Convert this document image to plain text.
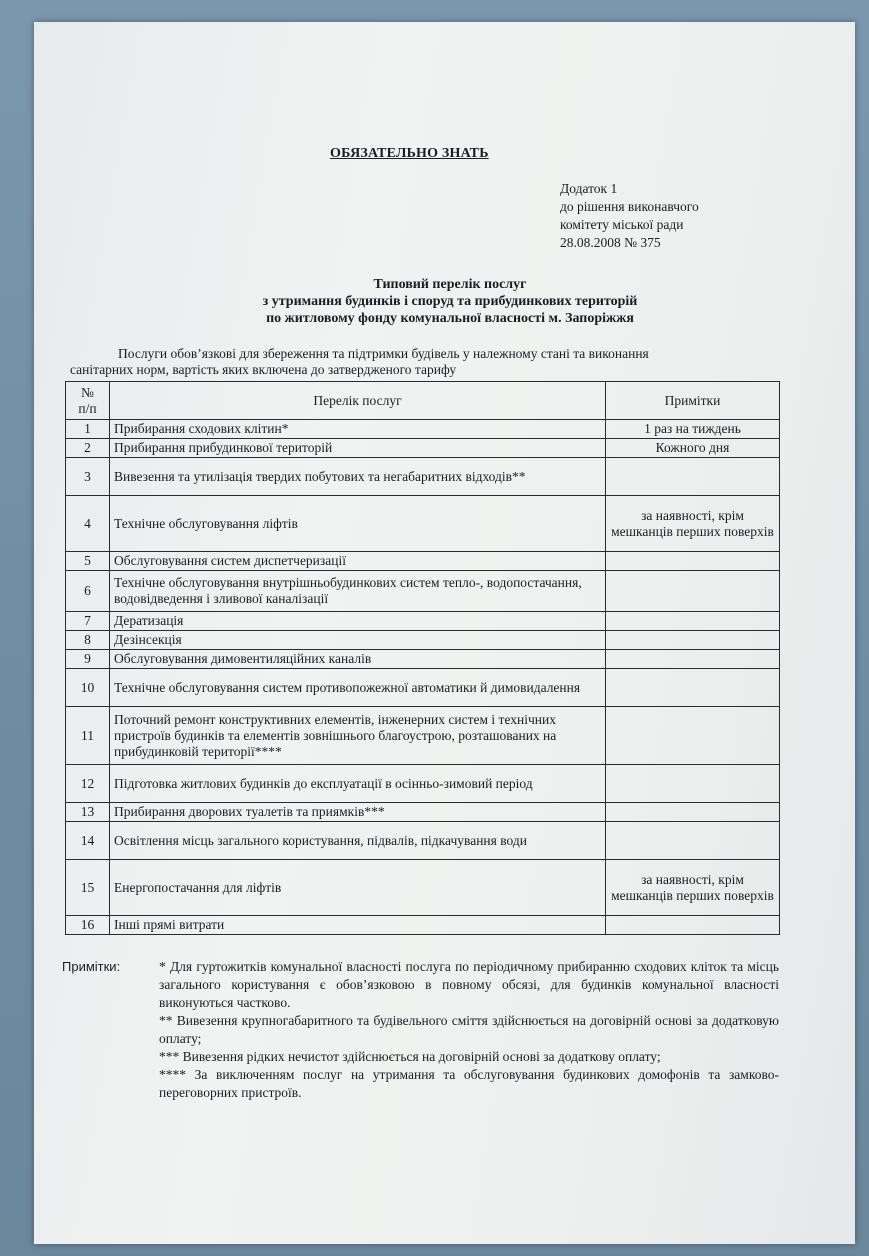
ОБЯЗАТЕЛЬНО ЗНАТЬ
Додаток 1
до рішення виконавчого
комітету міської ради
28.08.2008 № 375
Типовий перелік послуг
з утримання будинків і споруд та прибудинкових територій
по житловому фонду комунальної власності м. Запоріжжя
Послуги обов’язкові для збереження та підтримки будівель у належному стані та виконання
санітарних норм, вартість яких включена до затвердженого тарифу
№
п/п	Перелік послуг	Примітки
1	Прибирання сходових клітин*	1 раз на тиждень
2	Прибирання прибудинкової територій	Кожного дня
3	Вивезення та утилізація твердих побутових та негабаритних відходів**	
4	Технічне обслуговування ліфтів	за наявності, крім мешканців перших поверхів
5	Обслуговування систем диспетчеризації	
6	Технічне обслуговування внутрішньобудинкових систем тепло-, водопостачання, водовідведення і зливової каналізації	
7	Дератизація	
8	Дезінсекція	
9	Обслуговування димовентиляційних каналів	
10	Технічне обслуговування систем противопожежної автоматики й димовидалення	
11	Поточний ремонт конструктивних елементів, інженерних систем і технічних пристроїв будинків та елементів зовнішнього благоустрою, розташованих на прибудинковій території****	
12	Підготовка житлових будинків до експлуатації в осінньо-зимовий період	
13	Прибирання дворових туалетів та приямків***	
14	Освітлення місць загального користування, підвалів, підкачування води	
15	Енергопостачання для ліфтів	за наявності, крім мешканців перших поверхів
16	Інші прямі витрати	
Примітки:	* Для гуртожитків комунальної власності послуга по періодичному прибиранню сходових кліток та місць загального користування є обов’язковою в повному обсязі, для будинків комунальної власності виконуються частково.

** Вивезення крупногабаритного та будівельного сміття здійснюється на договірній основі за додатковую оплату;

*** Вивезення рідких нечистот здійснюється на договірній основі за додаткову оплату;

**** За виключенням послуг на утримання та обслуговування будинкових домофонів та замково-переговорних пристроїв.
